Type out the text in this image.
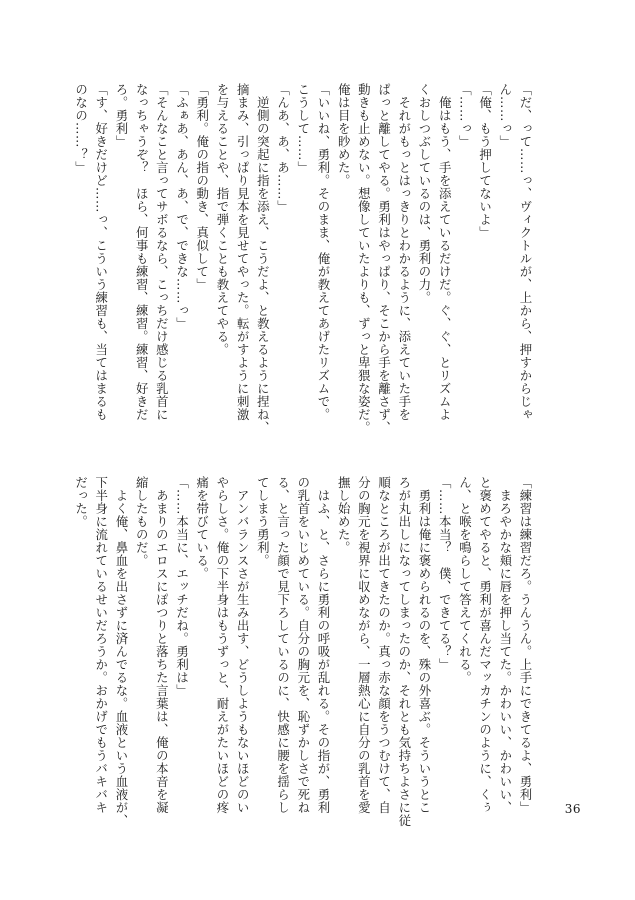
「だ、って……っ、ヴィクトルが、上から、押すからじゃ
ん……っ」
「俺、もう押してないよ」
「……っ」
　俺はもう、手を添えているだけだ。ぐ、ぐ、とリズムよ
くおしつぶしているのは、勇利の力。
　それがもっとはっきりとわかるように、添えていた手を
ぱっと離してやる。勇利はやっぱり、そこから手を離さず、
動きも止めない。想像していたよりも、ずっと卑猥な姿だ。
俺は目を眇めた。
「いいね、勇利。そのまま、俺が教えてあげたリズムで。
こうして……」
「んあ、あ、あ……」
　逆側の突起に指を添え、こうだよ、と教えるように捏ね、
摘まみ、引っぱり見本を見せてやった。転がすように刺激
を与えることや、指で弾くことも教えてやる。
「勇利。俺の指の動き、真似して」
「ふぁあ、あん、あ、で、できな……っ」
「そんなこと言ってサボるなら、こっちだけ感じる乳首に
なっちゃうぞ？　ほら、何事も練習、練習。練習、好きだ
ろ。勇利」
「す、好きだけど……っ、こういう練習も、当てはまるも
のなの……？」
「練習は練習だろ。うんうん。上手にできてるよ、勇利」
　まろやかな頬に唇を押し当てた。かわいい、かわいい、
と褒めてやると、勇利が喜んだマッカチンのように、くぅ
ん、と喉を鳴らして答えてくれる。
「……本当？　僕、できてる？」
　勇利は俺に褒められるのを、殊の外喜ぶ。そういうとこ
ろが丸出しになってしまったのか、それとも気持ちよさに従
順なところが出てきたのか。真っ赤な顔をうつむけて、自
分の胸元を視界に収めながら、一層熱心に自分の乳首を愛
撫し始めた。
　はふ、と、さらに勇利の呼吸が乱れる。その指が、勇利
の乳首をいじめている。自分の胸元を、恥ずかしさで死ね
る、と言った顔で見下ろしているのに、快感に腰を揺らし
てしまう勇利。
　アンバランスさが生み出す、どうしようもないほどのい
やらしさ。俺の下半身はもうずっと、耐えがたいほどの疼
痛を帯びている。
「……本当に、エッチだね。勇利は」
　あまりのエロスにぽつりと落ちた言葉は、俺の本音を凝
縮したものだ。
　よく俺、鼻血を出さずに済んでるな。血液という血液が、
下半身に流れているせいだろうか。おかげでもうバキバキ
だった。
36
